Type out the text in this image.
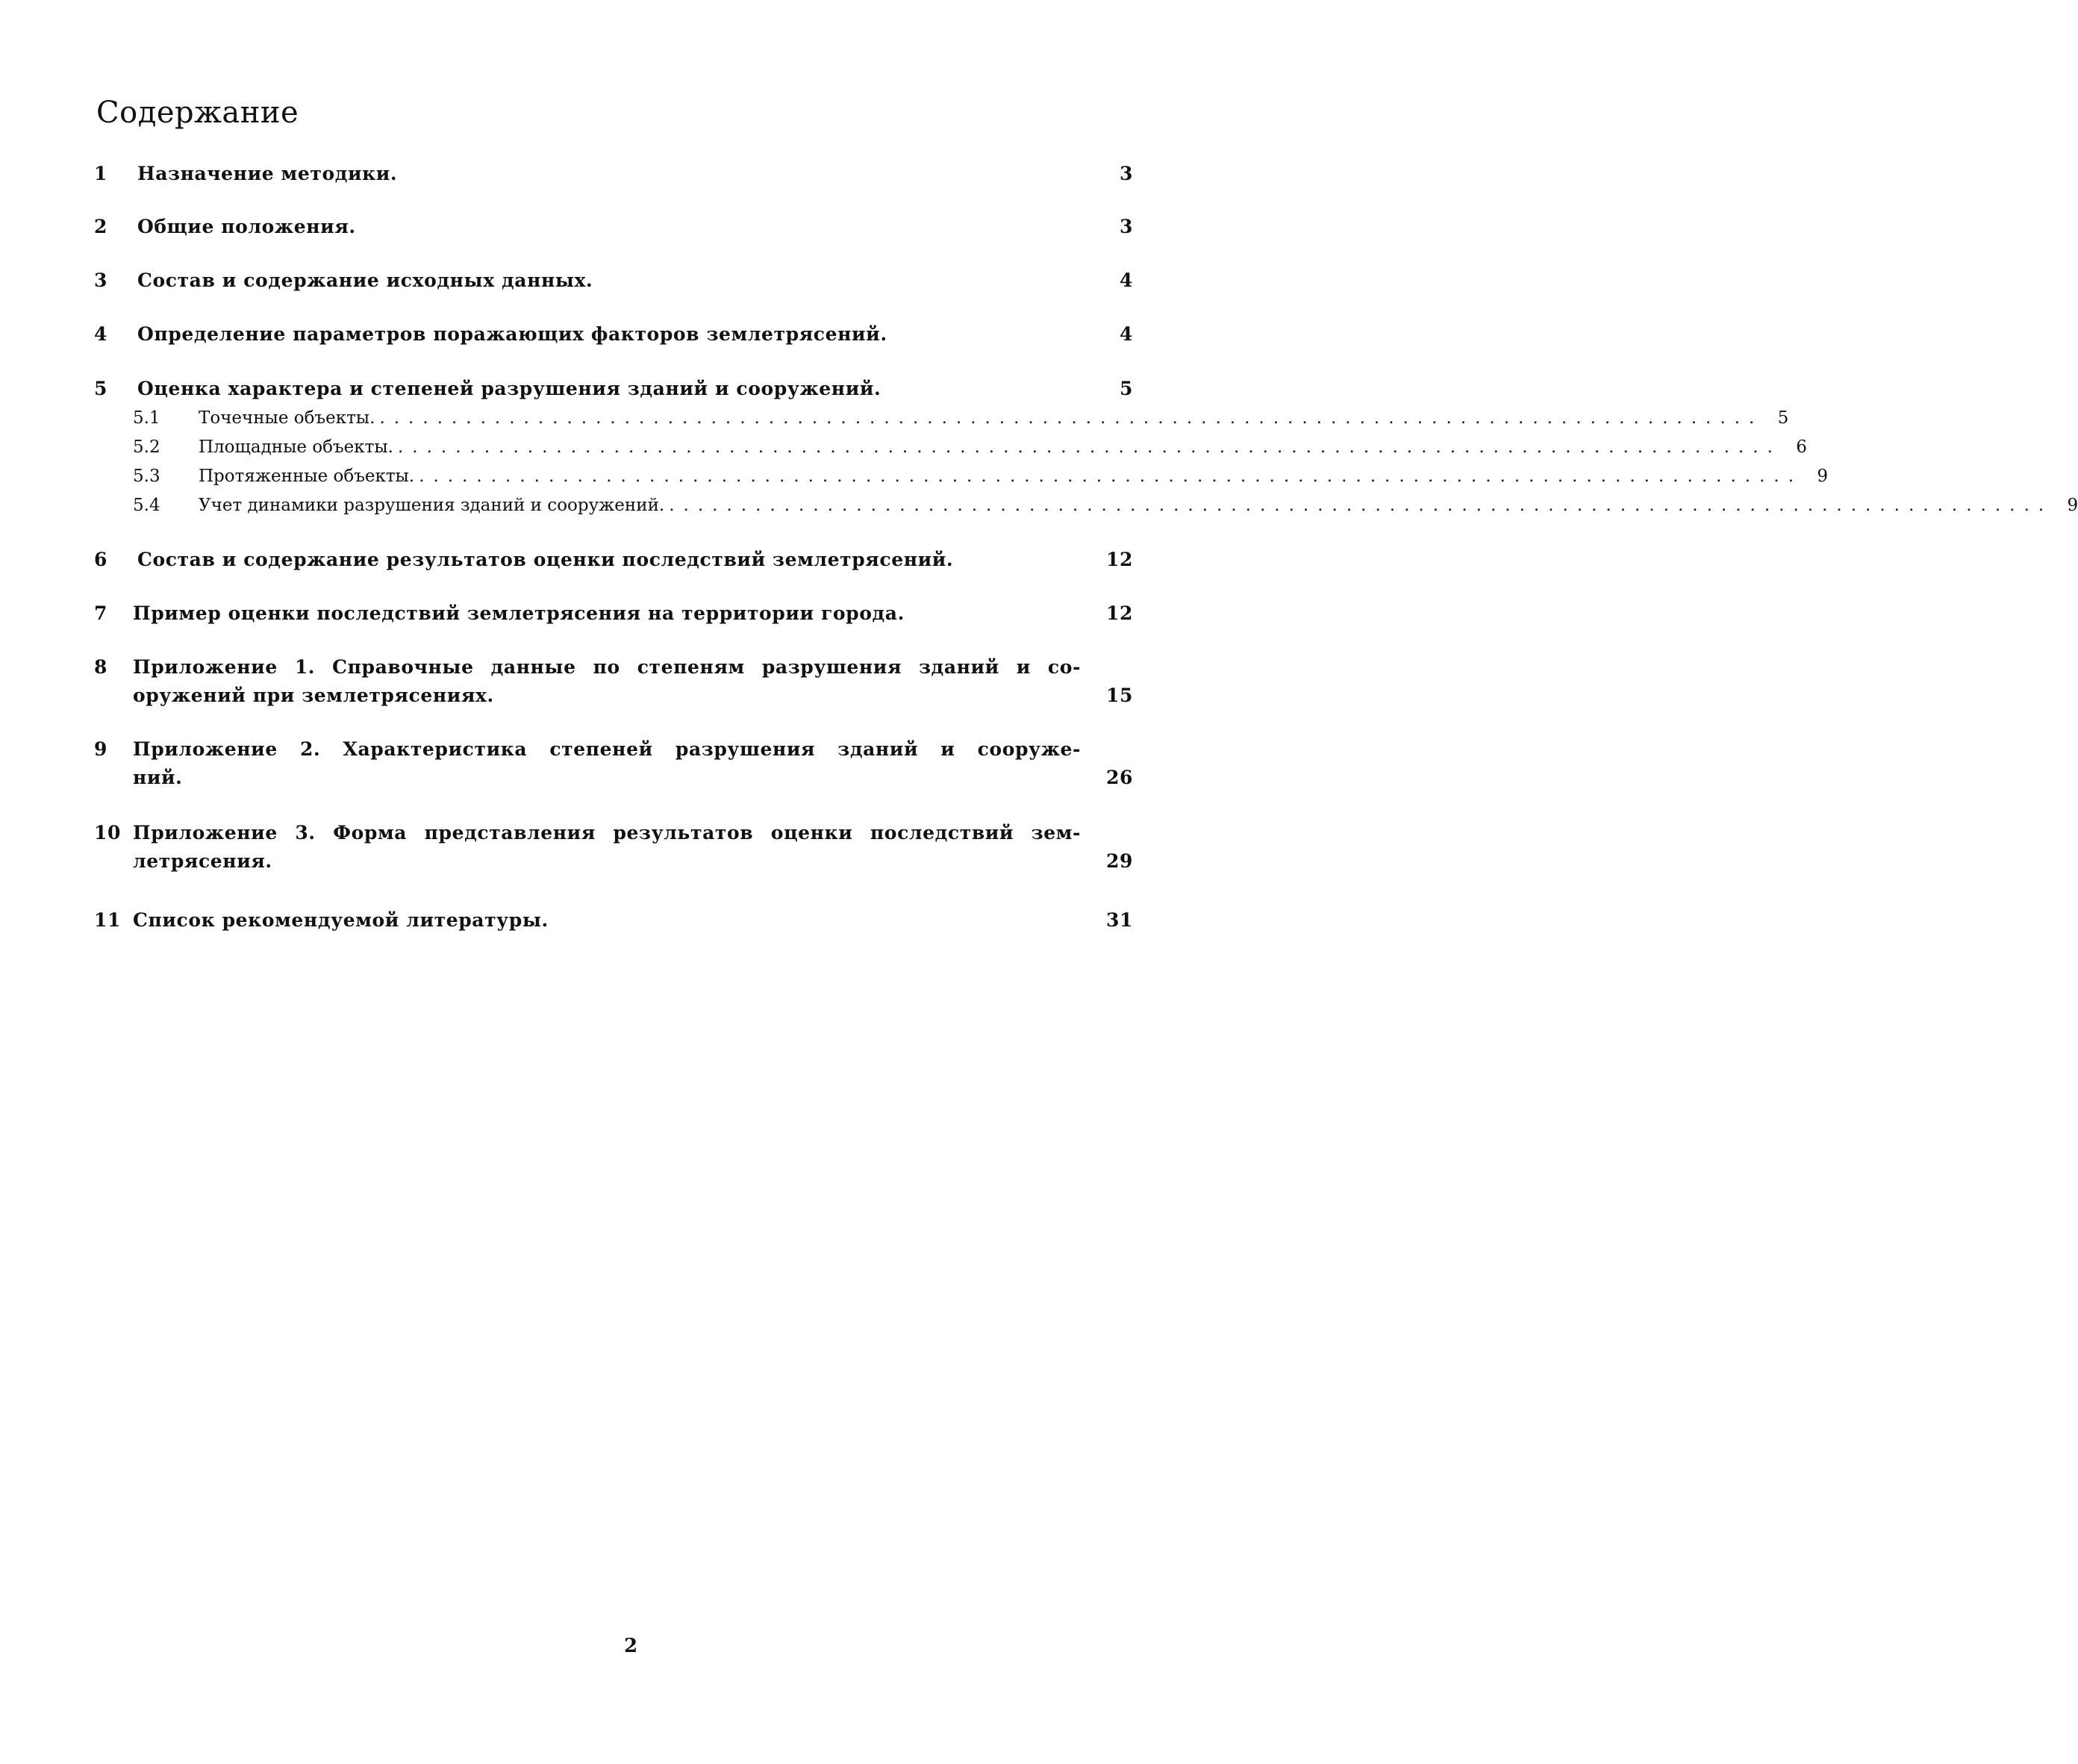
Содержание
1	Назначение методики.	3
2	Общие положения.	3
3	Состав и содержание исходных данных.	4
4	Определение параметров поражающих факторов землетрясений.	4
5	Оценка характера и степеней разрушения зданий и сооружений.	5
5.1	Точечные объекты. ................................................................................................ 5
5.2	Площадные объекты. ................................................................................................ 6
5.3	Протяженные объекты. ................................................................................................ 9
5.4	Учет динамики разрушения зданий и сооружений. ................................................................................................ 9
6	Состав и содержание результатов оценки последствий землетрясений.	12
7	Пример оценки последствий землетрясения на территории города.	12
8 Приложение 1. Справочные данные по степеням разрушения зданий и со-
оружений при землетрясениях.	15
9 Приложение 2. Характеристика степеней разрушения зданий и сооруже-
ний.	26
10 Приложение 3. Форма представления результатов оценки последствий зем-
летрясения.	29
11 Список рекомендуемой литературы.	31
2
